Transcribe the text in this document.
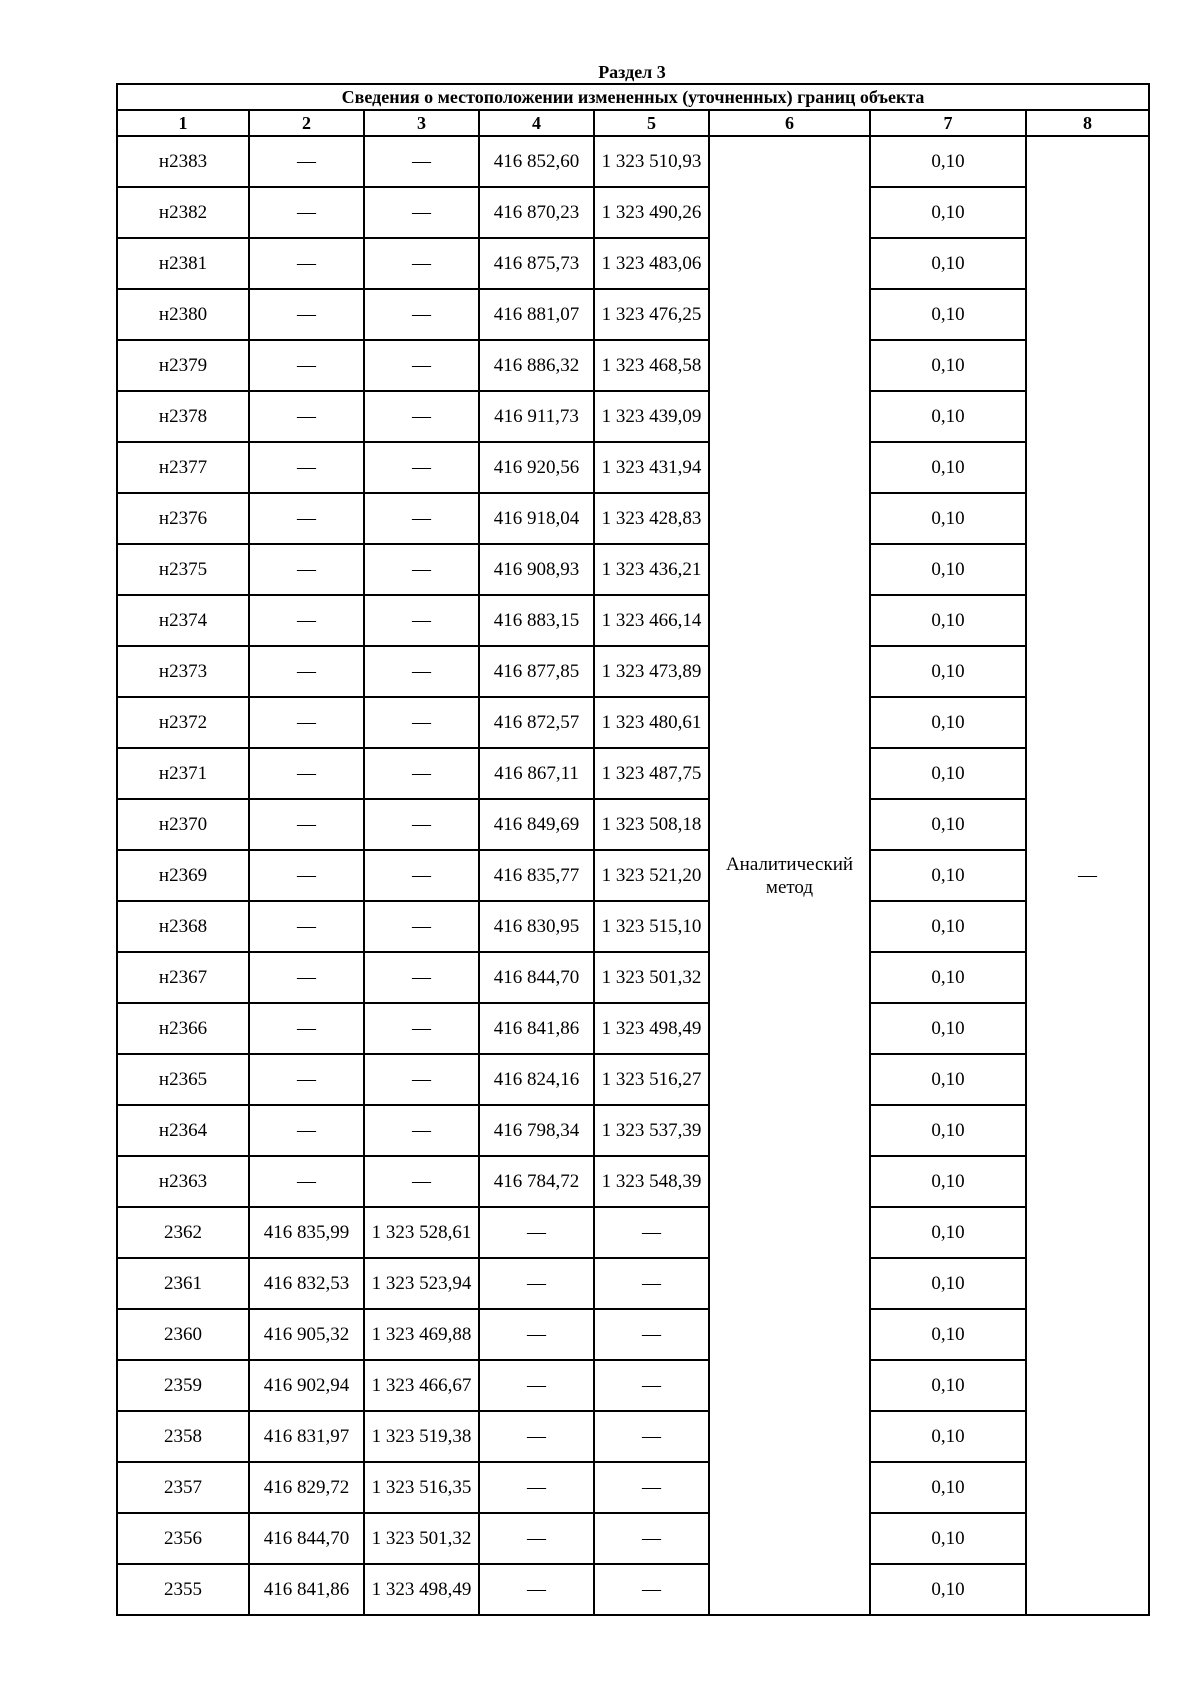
Раздел 3
Сведения о местоположении измененных (уточненных) границ объекта							
1	2	3	4	5	6	7	8
н2383	—	—	416 852,60	1 323 510,93	Аналитический метод	0,10	—
н2382	—	—	416 870,23	1 323 490,26		0,10	
н2381	—	—	416 875,73	1 323 483,06		0,10	
н2380	—	—	416 881,07	1 323 476,25		0,10	
н2379	—	—	416 886,32	1 323 468,58		0,10	
н2378	—	—	416 911,73	1 323 439,09		0,10	
н2377	—	—	416 920,56	1 323 431,94		0,10	
н2376	—	—	416 918,04	1 323 428,83		0,10	
н2375	—	—	416 908,93	1 323 436,21		0,10	
н2374	—	—	416 883,15	1 323 466,14		0,10	
н2373	—	—	416 877,85	1 323 473,89		0,10	
н2372	—	—	416 872,57	1 323 480,61		0,10	
н2371	—	—	416 867,11	1 323 487,75		0,10	
н2370	—	—	416 849,69	1 323 508,18		0,10	
н2369	—	—	416 835,77	1 323 521,20		0,10	
н2368	—	—	416 830,95	1 323 515,10		0,10	
н2367	—	—	416 844,70	1 323 501,32		0,10	
н2366	—	—	416 841,86	1 323 498,49		0,10	
н2365	—	—	416 824,16	1 323 516,27		0,10	
н2364	—	—	416 798,34	1 323 537,39		0,10	
н2363	—	—	416 784,72	1 323 548,39		0,10	
2362	416 835,99	1 323 528,61	—	—		0,10	
2361	416 832,53	1 323 523,94	—	—		0,10	
2360	416 905,32	1 323 469,88	—	—		0,10	
2359	416 902,94	1 323 466,67	—	—		0,10	
2358	416 831,97	1 323 519,38	—	—		0,10	
2357	416 829,72	1 323 516,35	—	—		0,10	
2356	416 844,70	1 323 501,32	—	—		0,10	
2355	416 841,86	1 323 498,49	—	—		0,10	
